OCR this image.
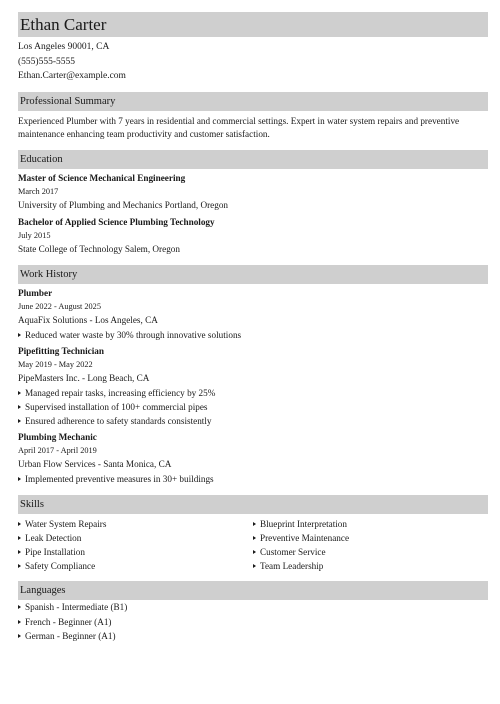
Ethan Carter
Los Angeles 90001, CA
(555)555-5555
Ethan.Carter@example.com
Professional Summary
Experienced Plumber with 7 years in residential and commercial settings. Expert in water system repairs and preventive maintenance enhancing team productivity and customer satisfaction.
Education
Master of Science Mechanical Engineering
March 2017
University of Plumbing and Mechanics Portland, Oregon
Bachelor of Applied Science Plumbing Technology
July 2015
State College of Technology Salem, Oregon
Work History
Plumber
June 2022 - August 2025
AquaFix Solutions - Los Angeles, CA
Reduced water waste by 30% through innovative solutions
Pipefitting Technician
May 2019 - May 2022
PipeMasters Inc. - Long Beach, CA
Managed repair tasks, increasing efficiency by 25%
Supervised installation of 100+ commercial pipes
Ensured adherence to safety standards consistently
Plumbing Mechanic
April 2017 - April 2019
Urban Flow Services - Santa Monica, CA
Implemented preventive measures in 30+ buildings
Skills
Water System Repairs
Leak Detection
Pipe Installation
Safety Compliance
Blueprint Interpretation
Preventive Maintenance
Customer Service
Team Leadership
Languages
Spanish - Intermediate (B1)
French - Beginner (A1)
German - Beginner (A1)
